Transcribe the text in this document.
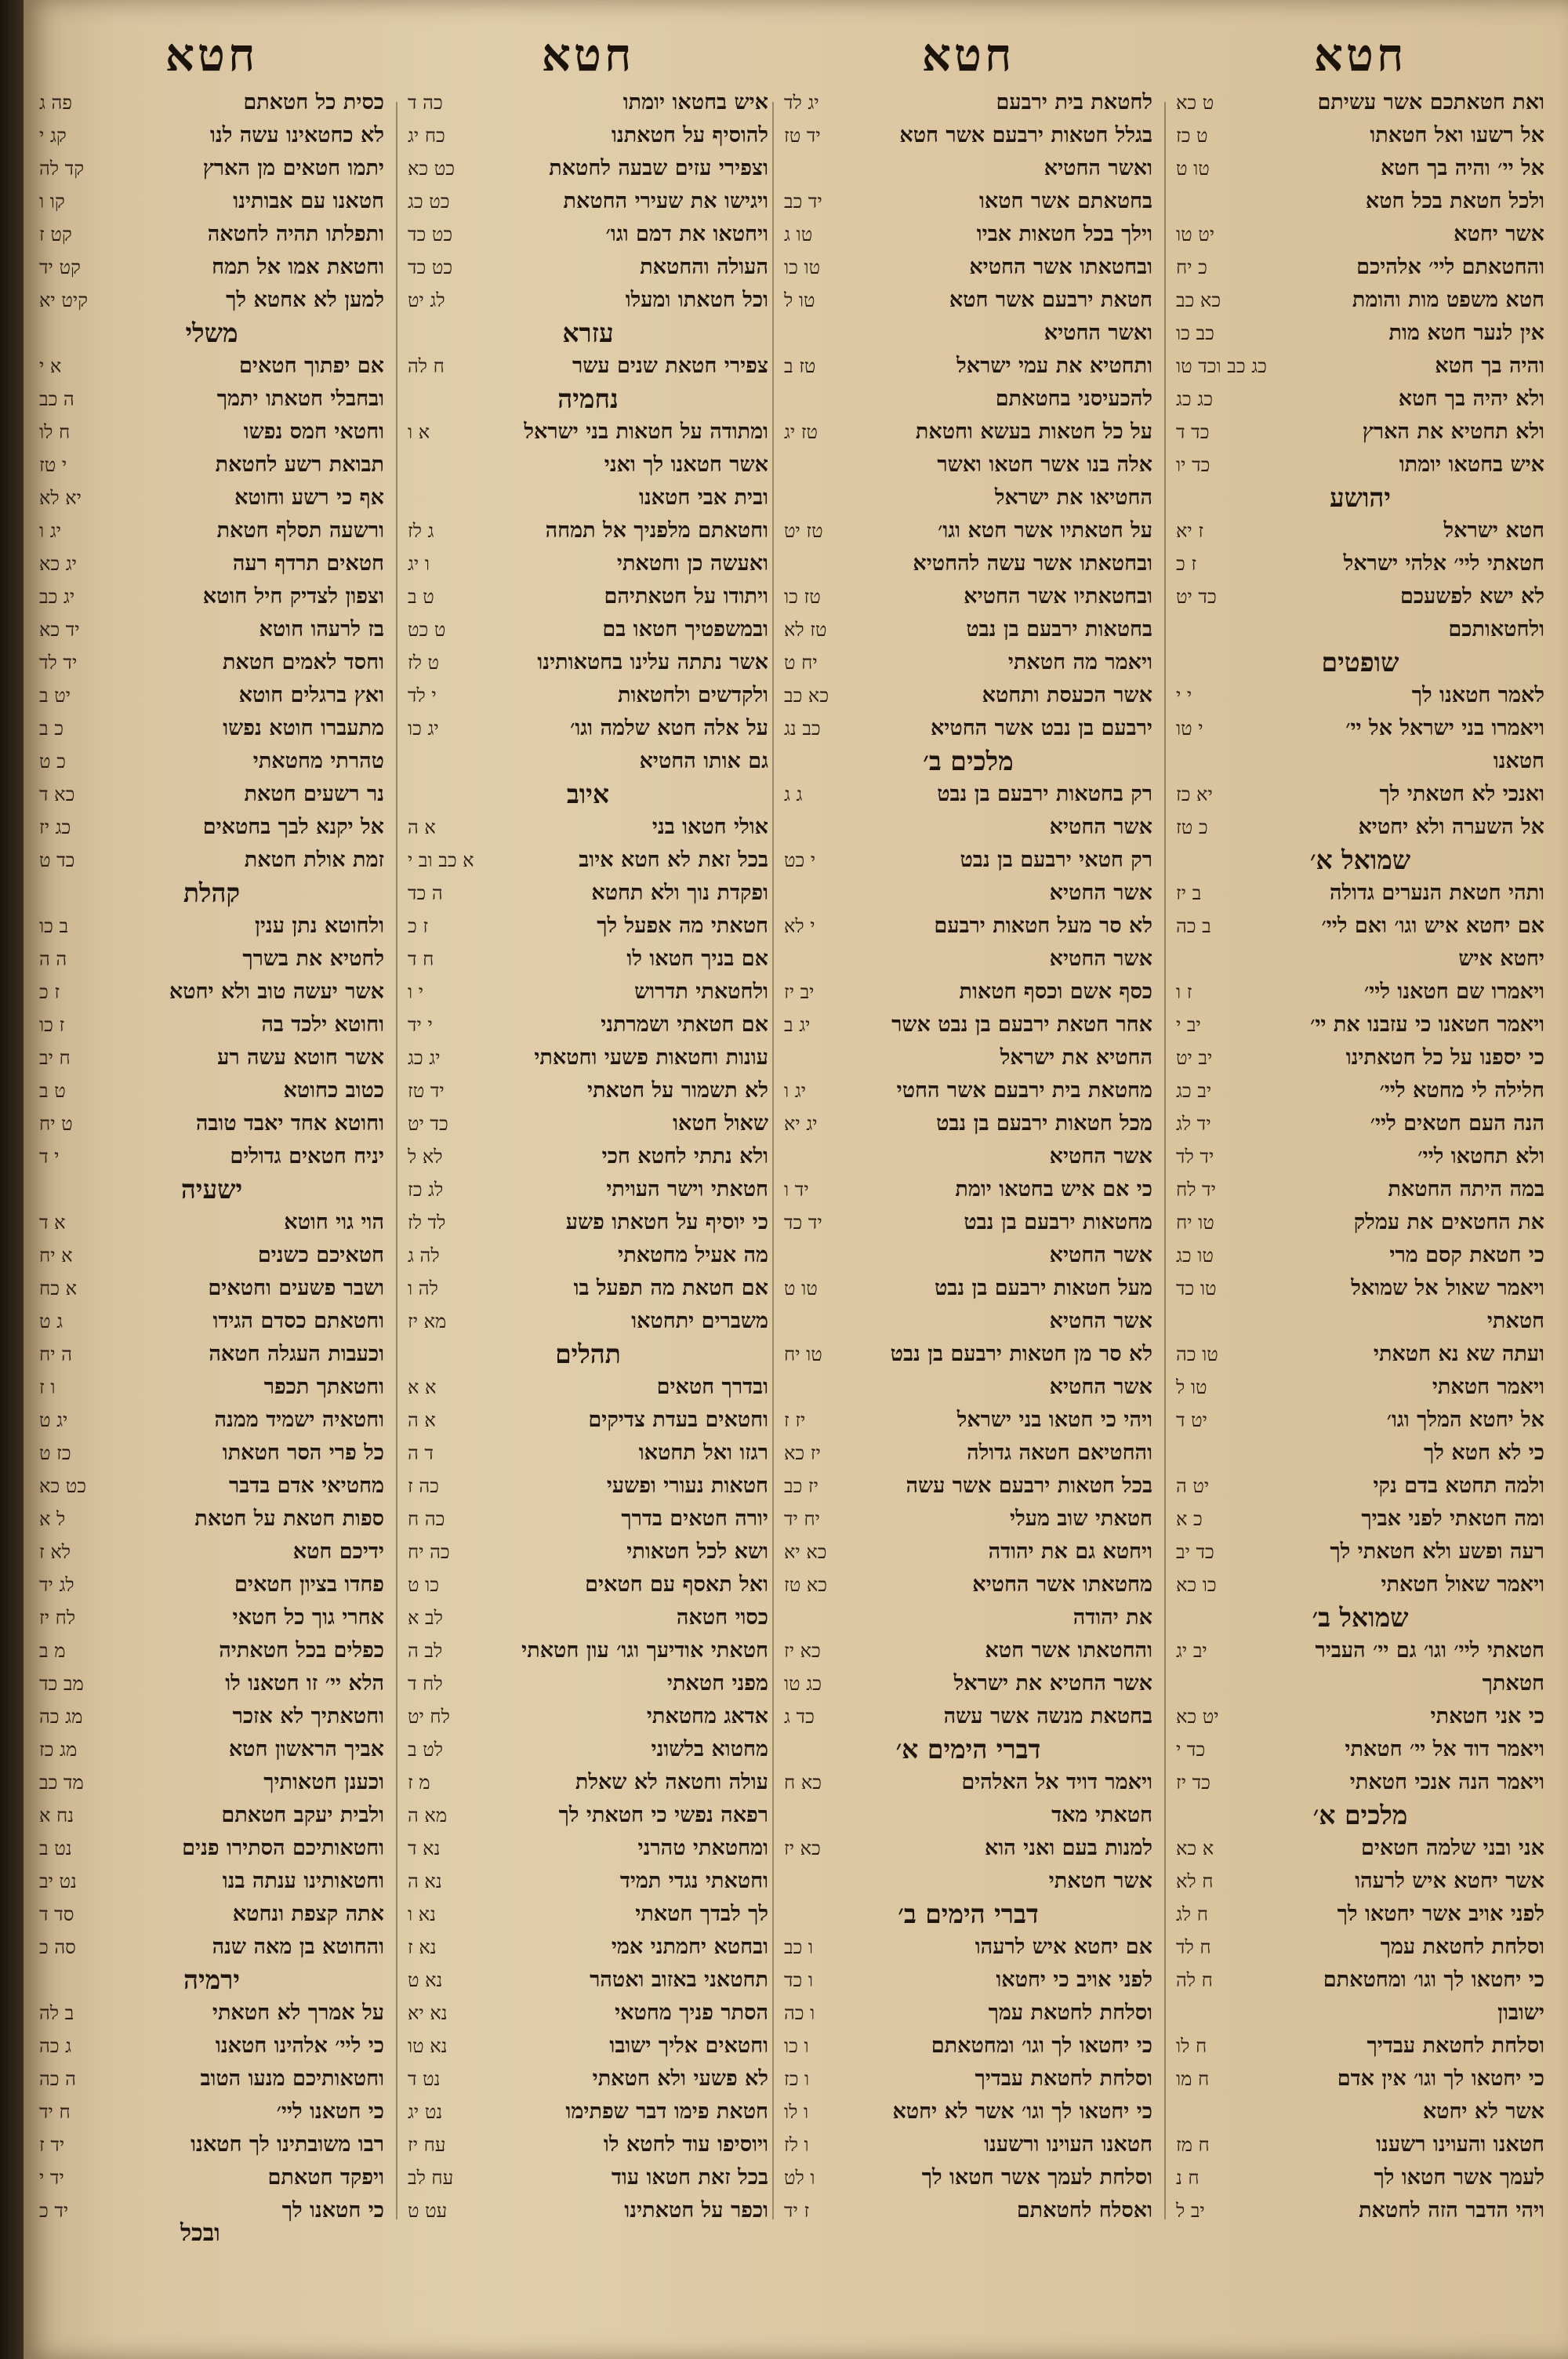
חטא
ואת חטאתכם אשר עשיתם
ט כא
אל רשעו ואל חטאתו
ט כז
אל יי׳ והיה בך חטא
טו ט
ולכל חטאת בכל חטא
אשר יחטא
יט טו
והחטאתם ליי׳ אלהיכם
כ יח
חטא משפט מות והומת
כא כב
אין לנער חטא מות
כב כו
והיה בך חטא
כג כב וכד טו
ולא יהיה בך חטא
כג כג
ולא תחטיא את הארץ
כד ד
איש בחטאו יומתו
כד יו
יהושע
חטא ישראל
ז יא
חטאתי ליי׳ אלהי ישראל
ז כ
לא ישא לפשעכם
כד יט
ולחטאותכם
שופטים
לאמר חטאנו לך
י י
ויאמרו בני ישראל אל יי׳
י טו
חטאנו
ואנכי לא חטאתי לך
יא כז
אל השערה ולא יחטיא
כ טז
שמואל א׳
ותהי חטאת הנערים גדולה
ב יז
אם יחטא איש וגו׳ ואם ליי׳
ב כה
יחטא איש
ויאמרו שם חטאנו ליי׳
ז ו
ויאמר חטאנו כי עזבנו את יי׳
יב י
כי יספנו על כל חטאתינו
יב יט
חלילה לי מחטא ליי׳
יב כג
הנה העם חטאים ליי׳
יד לג
ולא תחטאו ליי׳
יד לד
במה היתה החטאת
יד לח
את החטאים את עמלק
טו יח
כי חטאת קסם מרי
טו כג
ויאמר שאול אל שמואל
טו כד
חטאתי
ועתה שא נא חטאתי
טו כה
ויאמר חטאתי
טו ל
אל יחטא המלך וגו׳
יט ד
כי לא חטא לך
ולמה תחטא בדם נקי
יט ה
ומה חטאתי לפני אביך
כ א
רעה ופשע ולא חטאתי לך
כד יב
ויאמר שאול חטאתי
כו כא
שמואל ב׳
חטאתי ליי׳ וגו׳ גם יי׳ העביר
יב יג
חטאתך
כי אני חטאתי
יט כא
ויאמר דוד אל יי׳ חטאתי
כד י
ויאמר הנה אנכי חטאתי
כד יז
מלכים א׳
אני ובני שלמה חטאים
א כא
אשר יחטא איש לרעהו
ח לא
לפני אויב אשר יחטאו לך
ח לג
וסלחת לחטאת עמך
ח לד
כי יחטאו לך וגו׳ ומחטאתם
ח לה
ישובון
וסלחת לחטאת עבדיך
ח לו
כי יחטאו לך וגו׳ אין אדם
ח מו
אשר לא יחטא
חטאנו והעוינו רשענו
ח מז
לעמך אשר חטאו לך
ח נ
ויהי הדבר הזה לחטאת
יב ל
חטא
לחטאת בית ירבעם
יג לד
בגלל חטאות ירבעם אשר חטא
יד טז
ואשר החטיא
בחטאתם אשר חטאו
יד כב
וילך בכל חטאות אביו
טו ג
ובחטאתו אשר החטיא
טו כו
חטאת ירבעם אשר חטא
טו ל
ואשר החטיא
ותחטיא את עמי ישראל
טז ב
להכעיסני בחטאתם
על כל חטאות בעשא וחטאת
טז יג
אלה בנו אשר חטאו ואשר
החטיאו את ישראל
על חטאתיו אשר חטא וגו׳
טז יט
ובחטאתו אשר עשה להחטיא
ובחטאתיו אשר החטיא
טז כו
בחטאות ירבעם בן נבט
טז לא
ויאמר מה חטאתי
יח ט
אשר הכעסת ותחטא
כא כב
ירבעם בן נבט אשר החטיא
כב נג
מלכים ב׳
רק בחטאות ירבעם בן נבט
ג ג
אשר החטיא
רק חטאי ירבעם בן נבט
י כט
אשר החטיא
לא סר מעל חטאות ירבעם
י לא
אשר החטיא
כסף אשם וכסף חטאות
יב יז
אחר חטאת ירבעם בן נבט אשר
יג ב
החטיא את ישראל
מחטאת בית ירבעם אשר החטי
יג ו
מכל חטאות ירבעם בן נבט
יג יא
אשר החטיא
כי אם איש בחטאו יומת
יד ו
מחטאות ירבעם בן נבט
יד כד
אשר החטיא
מעל חטאות ירבעם בן נבט
טו ט
אשר החטיא
לא סר מן חטאות ירבעם בן נבט
טו יח
אשר החטיא
ויהי כי חטאו בני ישראל
יז ז
והחטיאם חטאה גדולה
יז כא
בכל חטאות ירבעם אשר עשה
יז כב
חטאתי שוב מעלי
יח יד
ויחטא גם את יהודה
כא יא
מחטאתו אשר החטיא
כא טז
את יהודה
והחטאתו אשר חטא
כא יז
אשר החטיא את ישראל
כג טו
בחטאת מנשה אשר עשה
כד ג
דברי הימים א׳
ויאמר דויד אל האלהים
כא ח
חטאתי מאד
למנות בעם ואני הוא
כא יז
אשר חטאתי
דברי הימים ב׳
אם יחטא איש לרעהו
ו כב
לפני אויב כי יחטאו
ו כד
וסלחת לחטאת עמך
ו כה
כי יחטאו לך וגו׳ ומחטאתם
ו כו
וסלחת לחטאת עבדיך
ו כז
כי יחטאו לך וגו׳ אשר לא יחטא
ו לו
חטאנו העוינו ורשענו
ו לז
וסלחת לעמך אשר חטאו לך
ו לט
ואסלח לחטאתם
ז יד
חטא
איש בחטאו יומתו
כה ד
להוסיף על חטאתנו
כח יג
וצפירי עזים שבעה לחטאת
כט כא
ויגישו את שעירי החטאת
כט כג
ויחטאו את דמם וגו׳
כט כד
העולה והחטאת
כט כד
וכל חטאתו ומעלו
לג יט
עזרא
צפירי חטאת שנים עשר
ח לה
נחמיה
ומתודה על חטאות בני ישראל
א ו
אשר חטאנו לך ואני
ובית אבי חטאנו
וחטאתם מלפניך אל תמחה
ג לז
ואעשה כן וחטאתי
ו יג
ויתודו על חטאתיהם
ט ב
ובמשפטיך חטאו בם
ט כט
אשר נתתה עלינו בחטאותינו
ט לז
ולקדשים ולחטאות
י לד
על אלה חטא שלמה וגו׳
יג כו
גם אותו החטיא
איוב
אולי חטאו בני
א ה
בכל זאת לא חטא איוב
א כב וב י
ופקדת נוך ולא תחטא
ה כד
חטאתי מה אפעל לך
ז כ
אם בניך חטאו לו
ח ד
ולחטאתי תדרוש
י ו
אם חטאתי ושמרתני
י יד
עונות וחטאות פשעי וחטאתי
יג כג
לא תשמור על חטאתי
יד טז
שאול חטאו
כד יט
ולא נתתי לחטא חכי
לא ל
חטאתי וישר העויתי
לג כז
כי יוסיף על חטאתו פשע
לד לז
מה אעיל מחטאתי
לה ג
אם חטאת מה תפעל בו
לה ו
משברים יתחטאו
מא יז
תהלים
ובדרך חטאים
א א
וחטאים בעדת צדיקים
א ה
רגזו ואל תחטאו
ד ה
חטאות נעורי ופשעי
כה ז
יורה חטאים בדרך
כה ח
ושא לכל חטאותי
כה יח
ואל תאסף עם חטאים
כו ט
כסוי חטאה
לב א
חטאתי אודיעך וגו׳ עון חטאתי
לב ה
מפני חטאתי
לח ד
אדאג מחטאתי
לח יט
מחטוא בלשוני
לט ב
עולה וחטאה לא שאלת
מ ז
רפאה נפשי כי חטאתי לך
מא ה
ומחטאתי טהרני
נא ד
וחטאתי נגדי תמיד
נא ה
לך לבדך חטאתי
נא ו
ובחטא יחמתני אמי
נא ז
תחטאני באזוב ואטהר
נא ט
הסתר פניך מחטאי
נא יא
וחטאים אליך ישובו
נא טו
לא פשעי ולא חטאתי
נט ד
חטאת פימו דבר שפתימו
נט יג
ויוסיפו עוד לחטא לו
עח יז
בכל זאת חטאו עוד
עח לב
וכפר על חטאתינו
עט ט
חטא
כסית כל חטאתם
פה ג
לא כחטאינו עשה לנו
קג י
יתמו חטאים מן הארץ
קד לה
חטאנו עם אבותינו
קו ו
ותפלתו תהיה לחטאה
קט ז
וחטאת אמו אל תמח
קט יד
למען לא אחטא לך
קיט יא
משלי
אם יפתוך חטאים
א י
ובחבלי חטאתו יתמך
ה כב
וחטאי חמס נפשו
ח לו
תבואת רשע לחטאת
י טז
אף כי רשע וחוטא
יא לא
ורשעה תסלף חטאת
יג ו
חטאים תרדף רעה
יג כא
וצפון לצדיק חיל חוטא
יג כב
בז לרעהו חוטא
יד כא
וחסד לאמים חטאת
יד לד
ואץ ברגלים חוטא
יט ב
מתעברו חוטא נפשו
כ ב
טהרתי מחטאתי
כ ט
נר רשעים חטאת
כא ד
אל יקנא לבך בחטאים
כג יז
זמת אולת חטאת
כד ט
קהלת
ולחוטא נתן ענין
ב כו
לחטיא את בשרך
ה ה
אשר יעשה טוב ולא יחטא
ז כ
וחוטא ילכד בה
ז כו
אשר חוטא עשה רע
ח יב
כטוב כחוטא
ט ב
וחוטא אחד יאבד טובה
ט יח
יניח חטאים גדולים
י ד
ישעיה
הוי גוי חוטא
א ד
חטאיכם כשנים
א יח
ושבר פשעים וחטאים
א כח
וחטאתם כסדם הגידו
ג ט
וכעבות העגלה חטאה
ה יח
וחטאתך תכפר
ו ז
וחטאיה ישמיד ממנה
יג ט
כל פרי הסר חטאתו
כז ט
מחטיאי אדם בדבר
כט כא
ספות חטאת על חטאת
ל א
ידיכם חטא
לא ז
פחדו בציון חטאים
לג יד
אחרי גוך כל חטאי
לח יז
כפלים בכל חטאתיה
מ ב
הלא יי׳ זו חטאנו לו
מב כד
וחטאתיך לא אזכר
מג כה
אביך הראשון חטא
מג כז
וכענן חטאותיך
מד כב
ולבית יעקב חטאתם
נח א
וחטאותיכם הסתירו פנים
נט ב
וחטאותינו ענתה בנו
נט יב
אתה קצפת ונחטא
סד ד
והחוטא בן מאה שנה
סה כ
ירמיה
על אמרך לא חטאתי
ב לה
כי ליי׳ אלהינו חטאנו
ג כה
וחטאותיכם מנעו הטוב
ה כה
כי חטאנו ליי׳
ח יד
רבו משובתינו לך חטאנו
יד ז
ויפקד חטאתם
יד י
כי חטאנו לך
יד כ
ובכל
